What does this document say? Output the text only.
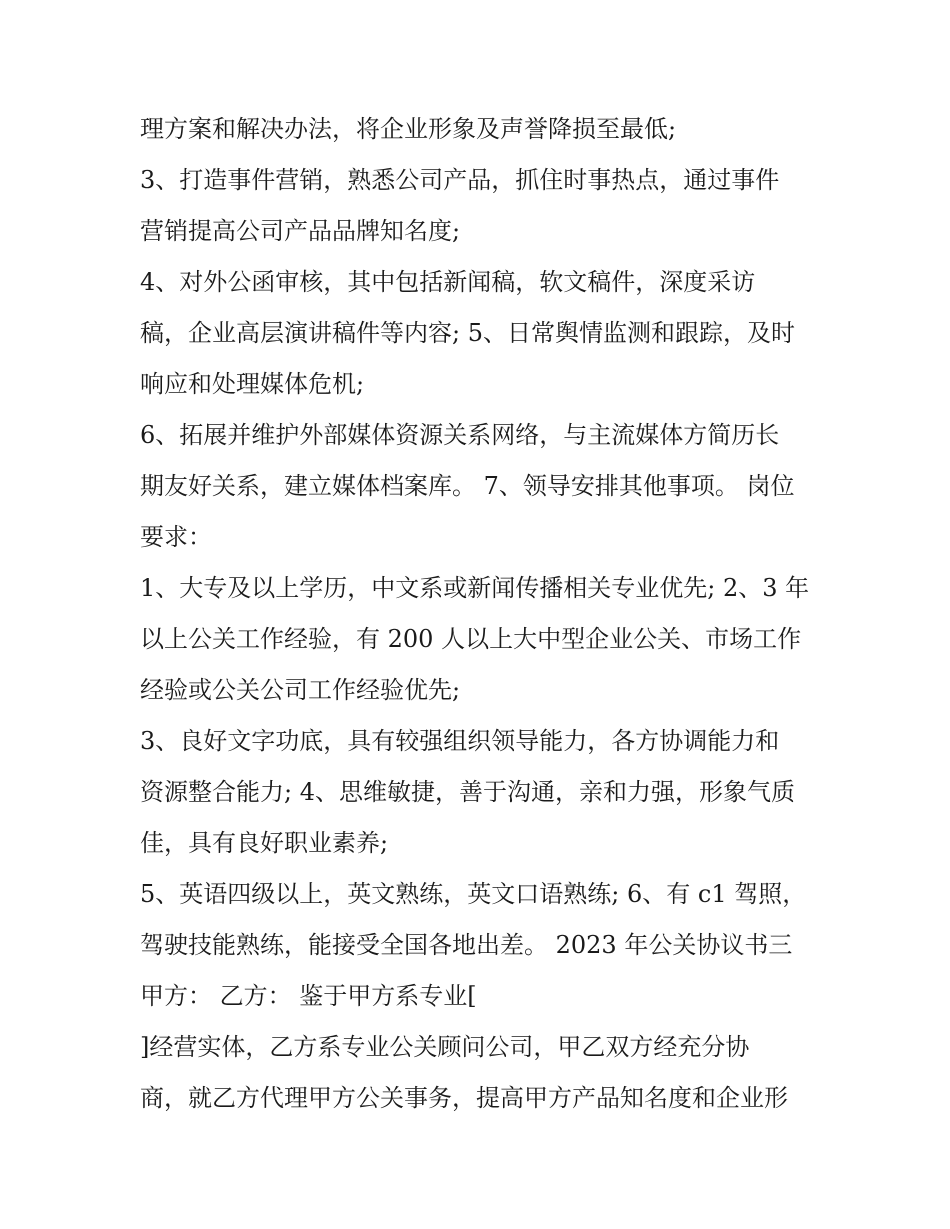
理方案和解决办法，将企业形象及声誉降损至最低;
3、打造事件营销，熟悉公司产品，抓住时事热点，通过事件
营销提高公司产品品牌知名度;
4、对外公函审核，其中包括新闻稿，软文稿件，深度采访
稿，企业高层演讲稿件等内容; 5、日常舆情监测和跟踪，及时
响应和处理媒体危机;
6、拓展并维护外部媒体资源关系网络，与主流媒体方简历长
期友好关系，建立媒体档案库。 7、领导安排其他事项。 岗位
要求：
1、大专及以上学历，中文系或新闻传播相关专业优先; 2、3 年
以上公关工作经验，有 200 人以上大中型企业公关、市场工作
经验或公关公司工作经验优先;
3、良好文字功底，具有较强组织领导能力，各方协调能力和
资源整合能力; 4、思维敏捷，善于沟通，亲和力强，形象气质
佳，具有良好职业素养;
5、英语四级以上，英文熟练，英文口语熟练; 6、有 c1 驾照，
驾驶技能熟练，能接受全国各地出差。 2023 年公关协议书三
甲方： 乙方： 鉴于甲方系专业[
]经营实体，乙方系专业公关顾问公司，甲乙双方经充分协
商，就乙方代理甲方公关事务，提高甲方产品知名度和企业形
